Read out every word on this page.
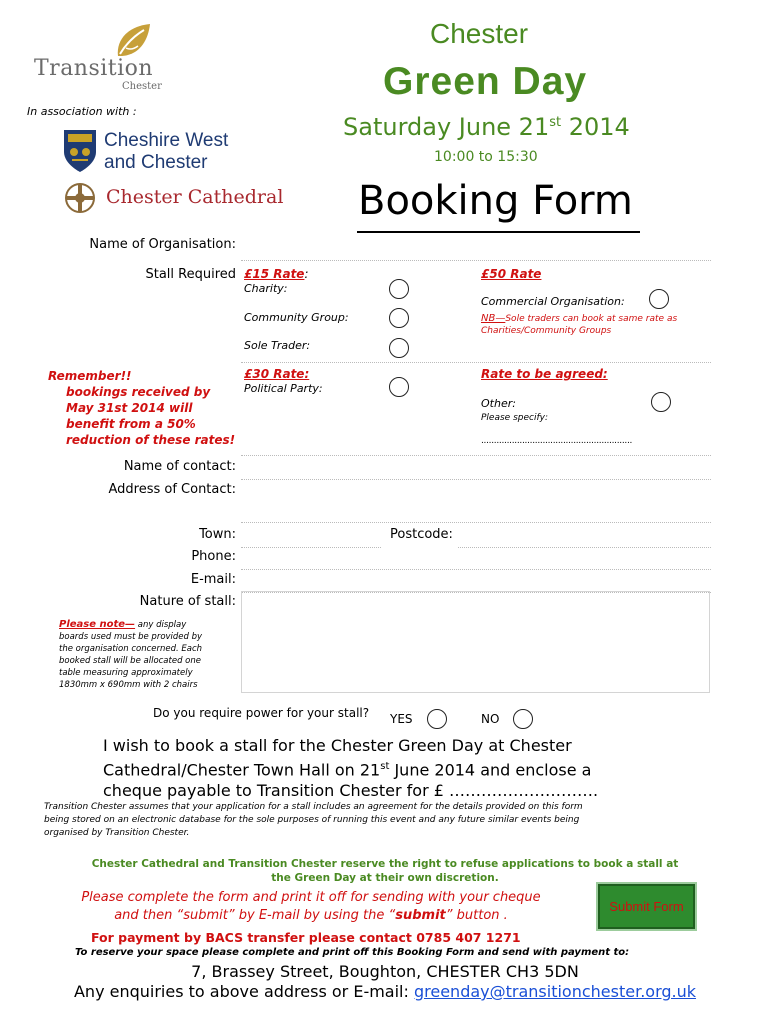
Transition
Chester
In association with :
Cheshire West
and Chester
Chester Cathedral
Chester
Green Day
Saturday June 21st 2014
10:00 to 15:30
Booking Form
Name of Organisation:
Stall Required £15 Rate:
Charity:
Community Group:
Sole Trader:
£50 Rate
Commercial Organisation:
NB—Sole traders can book at same rate as
Charities/Community Groups
Remember!!
bookings received by
May 31st 2014 will
benefit from a 50%
reduction of these rates!
£30 Rate:
Political Party:
Rate to be agreed:
Other:
Please specify:
...........................................................
Name of contact:
Address of Contact:
Town:	Postcode:
Phone:
E-mail:
Nature of stall:
Please note— any display
boards used must be provided by
the organisation concerned. Each
booked stall will be allocated one
table measuring approximately
1830mm x 690mm with 2 chairs
Do you require power for your stall? YES	NO
I wish to book a stall for the Chester Green Day at Chester
Cathedral/Chester Town Hall on 21st June 2014 and enclose a
cheque payable to Transition Chester for £ ……………………….
Transition Chester assumes that your application for a stall includes an agreement for the details provided on this form
being stored on an electronic database for the sole purposes of running this event and any future similar events being
organised by Transition Chester.
Chester Cathedral and Transition Chester reserve the right to refuse applications to book a stall at
the Green Day at their own discretion.
Please complete the form and print it off for sending with your cheque
and then “submit” by E-mail by using the “submit” button .
Submit Form
For payment by BACS transfer please contact 0785 407 1271
To reserve your space please complete and print off this Booking Form and send with payment to:
7, Brassey Street, Boughton, CHESTER CH3 5DN
Any enquiries to above address or E-mail: greenday@transitionchester.org.uk
